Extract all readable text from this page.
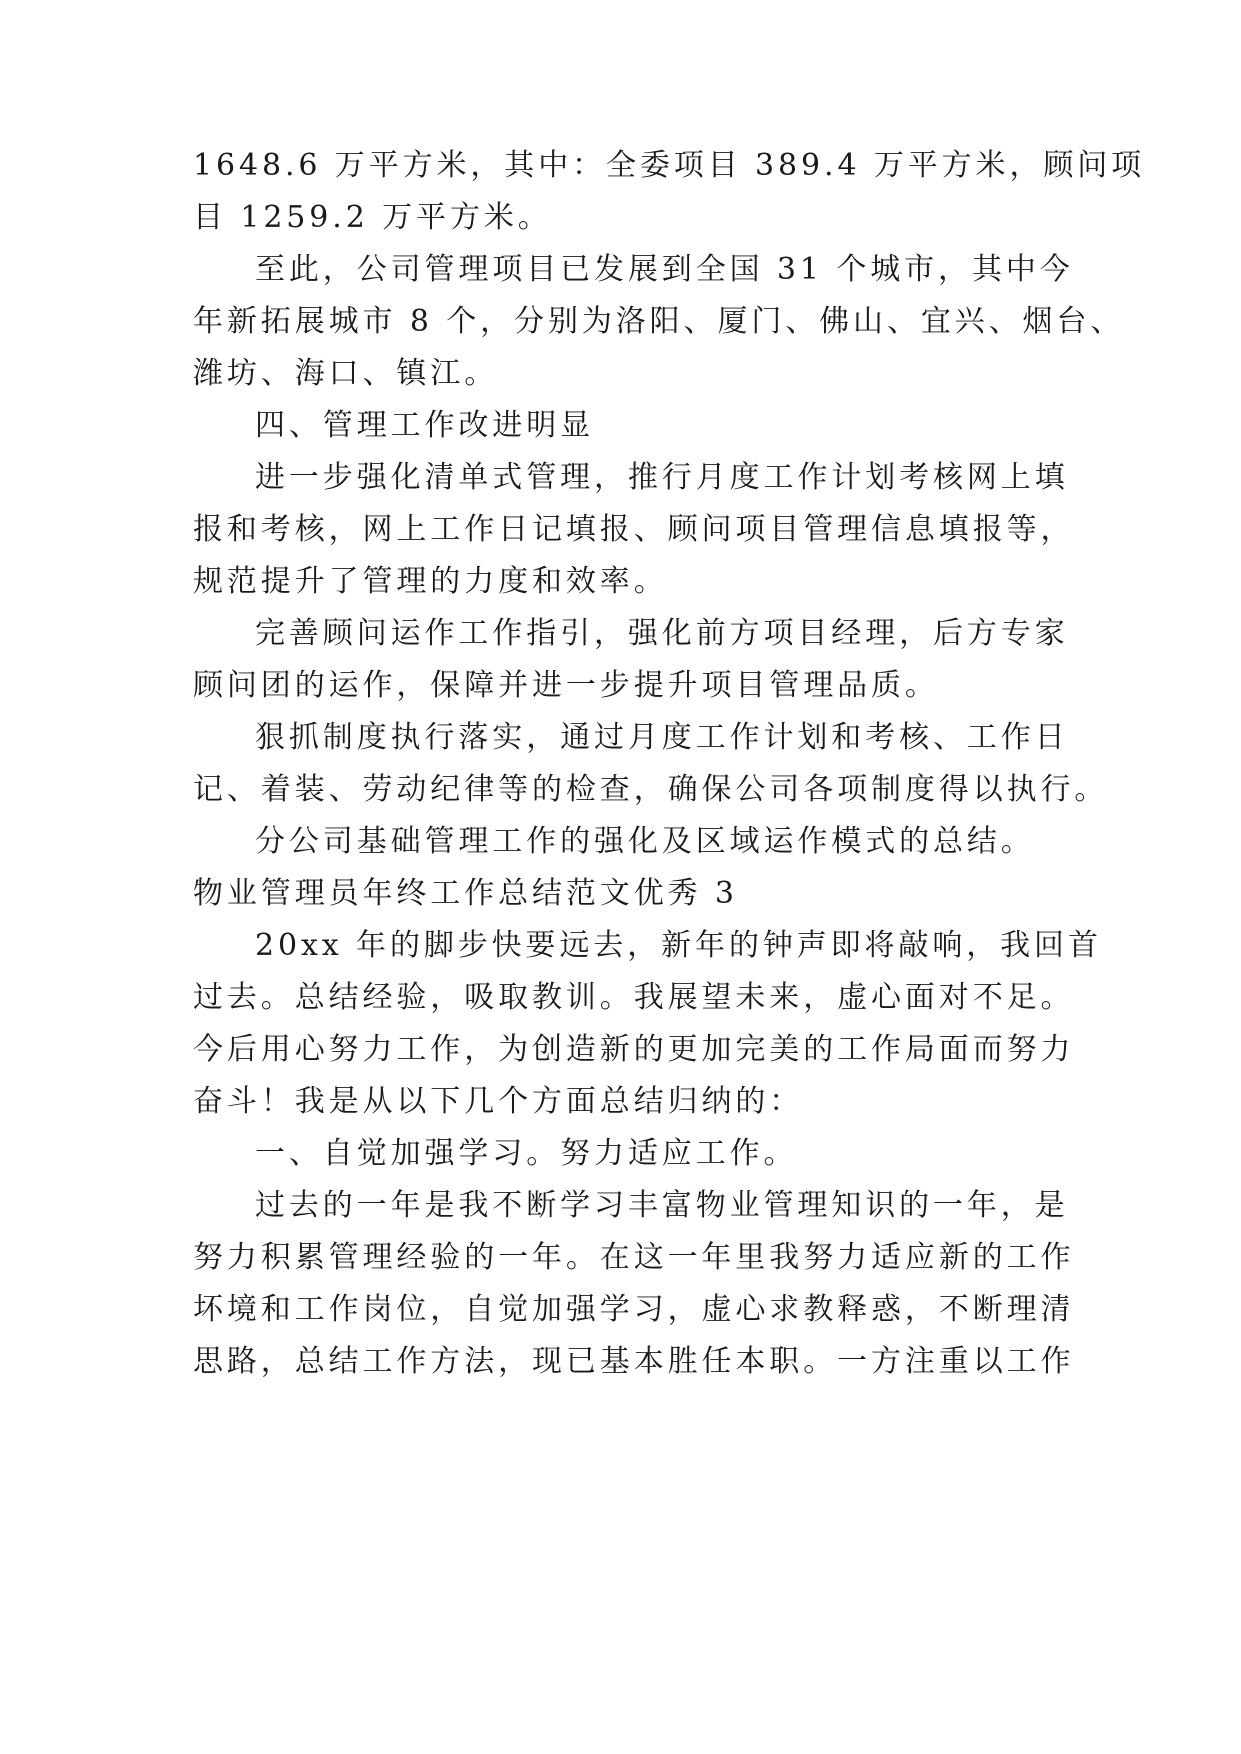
1648.6 万平方米，其中：全委项目 389.4 万平方米，顾问项
目 1259.2 万平方米。
至此，公司管理项目已发展到全国 31 个城市，其中今
年新拓展城市 8 个，分别为洛阳、厦门、佛山、宜兴、烟台、
潍坊、海口、镇江。
四、管理工作改进明显
进一步强化清单式管理，推行月度工作计划考核网上填
报和考核，网上工作日记填报、顾问项目管理信息填报等，
规范提升了管理的力度和效率。
完善顾问运作工作指引，强化前方项目经理，后方专家
顾问团的运作，保障并进一步提升项目管理品质。
狠抓制度执行落实，通过月度工作计划和考核、工作日
记、着装、劳动纪律等的检查，确保公司各项制度得以执行。
分公司基础管理工作的强化及区域运作模式的总结。
物业管理员年终工作总结范文优秀 3
20xx 年的脚步快要远去，新年的钟声即将敲响，我回首
过去。总结经验，吸取教训。我展望未来，虚心面对不足。
今后用心努力工作，为创造新的更加完美的工作局面而努力
奋斗！我是从以下几个方面总结归纳的：
一、自觉加强学习。努力适应工作。
过去的一年是我不断学习丰富物业管理知识的一年，是
努力积累管理经验的一年。在这一年里我努力适应新的工作
坏境和工作岗位，自觉加强学习，虚心求教释惑，不断理清
思路，总结工作方法，现已基本胜任本职。一方注重以工作
